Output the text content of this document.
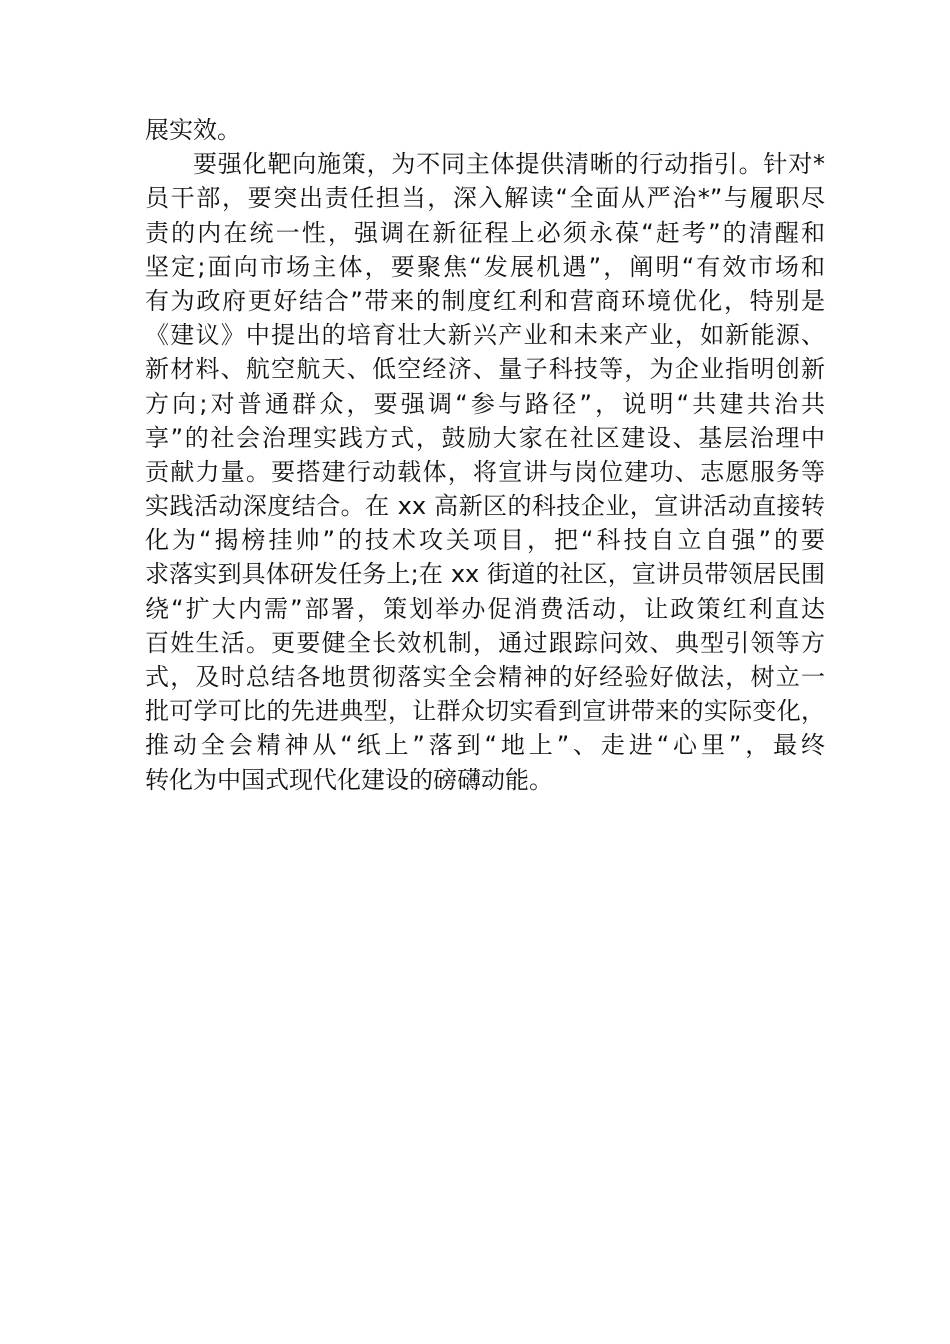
展实效。
要强化靶向施策，为不同主体提供清晰的行动指引。针对*
员干部，要突出责任担当，深入解读“全面从严治*”与履职尽
责的内在统一性，强调在新征程上必须永葆“赶考”的清醒和
坚定;面向市场主体，要聚焦“发展机遇”，阐明“有效市场和
有为政府更好结合”带来的制度红利和营商环境优化，特别是
《建议》中提出的培育壮大新兴产业和未来产业，如新能源、
新材料、航空航天、低空经济、量子科技等，为企业指明创新
方向;对普通群众，要强调“参与路径”，说明“共建共治共
享”的社会治理实践方式，鼓励大家在社区建设、基层治理中
贡献力量。要搭建行动载体，将宣讲与岗位建功、志愿服务等
实践活动深度结合。在 xx 高新区的科技企业，宣讲活动直接转
化为“揭榜挂帅”的技术攻关项目，把“科技自立自强”的要
求落实到具体研发任务上;在 xx 街道的社区，宣讲员带领居民围
绕“扩大内需”部署，策划举办促消费活动，让政策红利直达
百姓生活。更要健全长效机制，通过跟踪问效、典型引领等方
式，及时总结各地贯彻落实全会精神的好经验好做法，树立一
批可学可比的先进典型，让群众切实看到宣讲带来的实际变化，
推动全会精神从“纸上”落到“地上”、走进“心里”，最终
转化为中国式现代化建设的磅礴动能。
